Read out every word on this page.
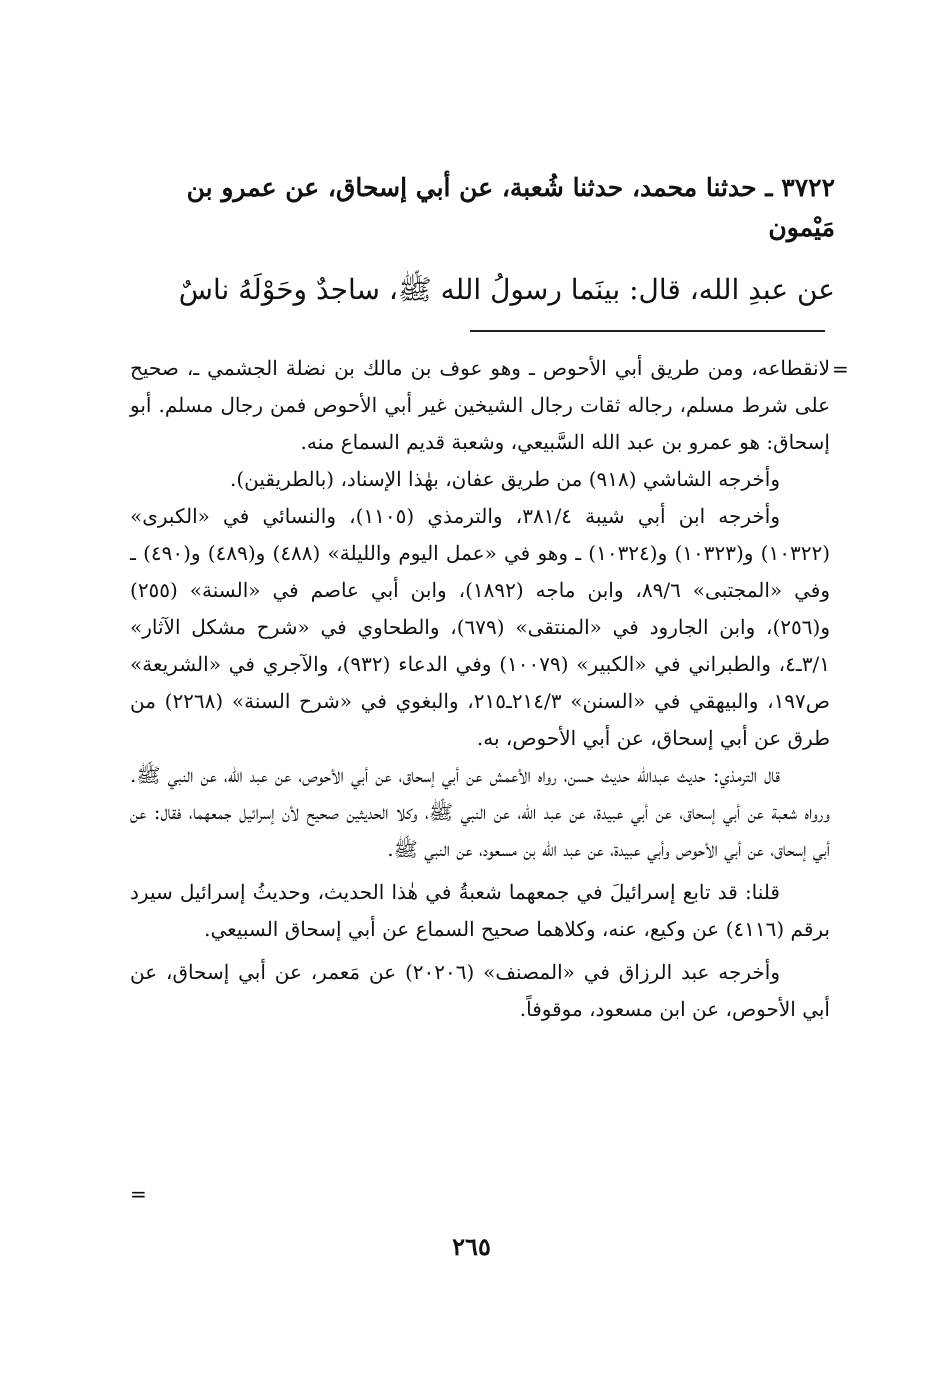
٣٧٢٢ ـ حدثنا محمد، حدثنا شُعبة، عن أبي إسحاق، عن عمرو بن
مَيْمون
عن عبدِ الله، قال: بينَما رسولُ الله ﷺ، ساجدٌ وحَوْلَهُ ناسٌ
=

لانقطاعه، ومن طريق أبي الأحوص ـ وهو عوف بن مالك بن نضلة الجشمي ـ، صحيح على شرط مسلم، رجاله ثقات رجال الشيخين غير أبي الأحوص فمن رجال مسلم. أبو إسحاق: هو عمرو بن عبد الله السَّبيعي، وشعبة قديم السماع منه.

وأخرجه الشاشي (٩١٨) من طريق عفان، بهٰذا الإسناد، (بالطريقين).

وأخرجه ابن أبي شيبة ٣٨١/٤، والترمذي (١١٠٥)، والنسائي في «الكبرى» (١٠٣٢٢) و(١٠٣٢٣) و(١٠٣٢٤) ـ وهو في «عمل اليوم والليلة» (٤٨٨) و(٤٨٩) و(٤٩٠) ـ وفي «المجتبى» ٨٩/٦، وابن ماجه (١٨٩٢)، وابن أبي عاصم في «السنة» (٢٥٥) و(٢٥٦)، وابن الجارود في «المنتقى» (٦٧٩)، والطحاوي في «شرح مشكل الآثار» ٣/١ـ٤، والطبراني في «الكبير» (١٠٠٧٩) وفي الدعاء (٩٣٢)، والآجري في «الشريعة» ص١٩٧، والبيهقي في «السنن» ٢١٤/٣ـ٢١٥، والبغوي في «شرح السنة» (٢٢٦٨) من طرق عن أبي إسحاق، عن أبي الأحوص، به.

قال الترمذي: حديث عبدالله حديث حسن، رواه الأعمش عن أبي إسحاق، عن أبي الأحوص، عن عبد الله، عن النبي ﷺ. ورواه شعبة عن أبي إسحاق، عن أبي عبيدة، عن عبد الله، عن النبي ﷺ، وكلا الحديثين صحيح لأن إسرائيل جمعهما، فقال: عن أبي إسحاق، عن أبي الأحوص وأبي عبيدة، عن عبد الله بن مسعود، عن النبي ﷺ.

قلنا: قد تابع إسرائيلَ في جمعهما شعبةُ في هٰذا الحديث، وحديثُ إسرائيل سيرد برقم (٤١١٦) عن وكيع، عنه، وكلاهما صحيح السماع عن أبي إسحاق السبيعي.

وأخرجه عبد الرزاق في «المصنف» (٢٠٢٠٦) عن مَعمر، عن أبي إسحاق، عن أبي الأحوص، عن ابن مسعود، موقوفاً.

=
٢٦٥
